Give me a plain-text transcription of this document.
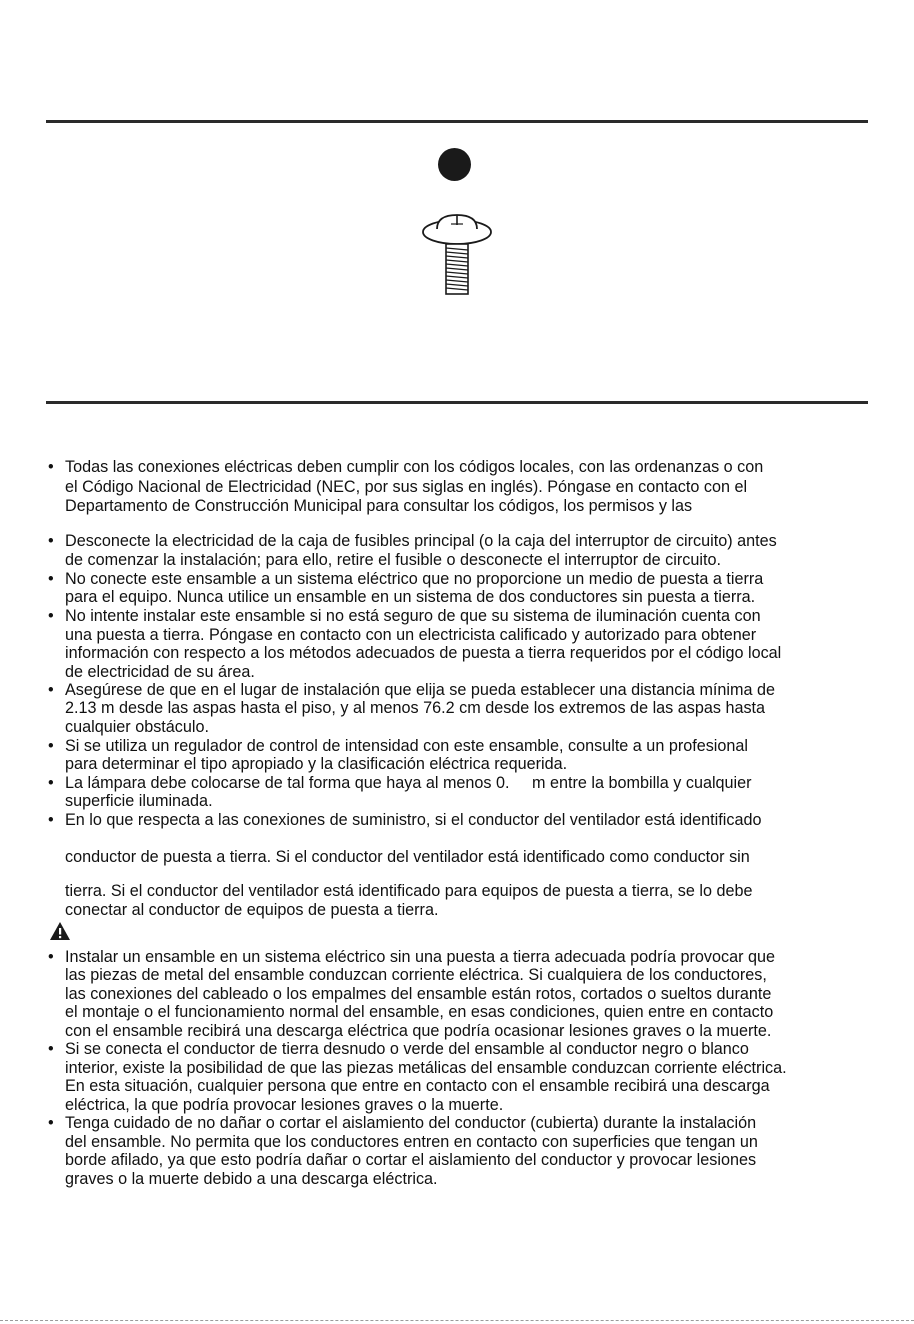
• Todas las conexiones eléctricas deben cumplir con los códigos locales, con las ordenanzas o con
el Código Nacional de Electricidad (NEC, por sus siglas en inglés). Póngase en contacto con el
Departamento de Construcción Municipal para consultar los códigos, los permisos y las
• Desconecte la electricidad de la caja de fusibles principal (o la caja del interruptor de circuito) antes
de comenzar la instalación; para ello, retire el fusible o desconecte el interruptor de circuito.
• No conecte este ensamble a un sistema eléctrico que no proporcione un medio de puesta a tierra
para el equipo. Nunca utilice un ensamble en un sistema de dos conductores sin puesta a tierra.
• No intente instalar este ensamble si no está seguro de que su sistema de iluminación cuenta con
una puesta a tierra. Póngase en contacto con un electricista calificado y autorizado para obtener
información con respecto a los métodos adecuados de puesta a tierra requeridos por el código local
de electricidad de su área.
• Asegúrese de que en el lugar de instalación que elija se pueda establecer una distancia mínima de
2.13 m desde las aspas hasta el piso, y al menos 76.2 cm desde los extremos de las aspas hasta
cualquier obstáculo.
• Si se utiliza un regulador de control de intensidad con este ensamble, consulte a un profesional
para determinar el tipo apropiado y la clasificación eléctrica requerida.
• La lámpara debe colocarse de tal forma que haya al menos 0.     m entre la bombilla y cualquier
superficie iluminada.
• En lo que respecta a las conexiones de suministro, si el conductor del ventilador está identificado
conductor de puesta a tierra. Si el conductor del ventilador está identificado como conductor sin
tierra. Si el conductor del ventilador está identificado para equipos de puesta a tierra, se lo debe
conectar al conductor de equipos de puesta a tierra.
• Instalar un ensamble en un sistema eléctrico sin una puesta a tierra adecuada podría provocar que
las piezas de metal del ensamble conduzcan corriente eléctrica. Si cualquiera de los conductores,
las conexiones del cableado o los empalmes del ensamble están rotos, cortados o sueltos durante
el montaje o el funcionamiento normal del ensamble, en esas condiciones, quien entre en contacto
con el ensamble recibirá una descarga eléctrica que podría ocasionar lesiones graves o la muerte.
• Si se conecta el conductor de tierra desnudo o verde del ensamble al conductor negro o blanco
interior, existe la posibilidad de que las piezas metálicas del ensamble conduzcan corriente eléctrica.
En esta situación, cualquier persona que entre en contacto con el ensamble recibirá una descarga
eléctrica, la que podría provocar lesiones graves o la muerte.
• Tenga cuidado de no dañar o cortar el aislamiento del conductor (cubierta) durante la instalación
del ensamble. No permita que los conductores entren en contacto con superficies que tengan un
borde afilado, ya que esto podría dañar o cortar el aislamiento del conductor y provocar lesiones
graves o la muerte debido a una descarga eléctrica.
